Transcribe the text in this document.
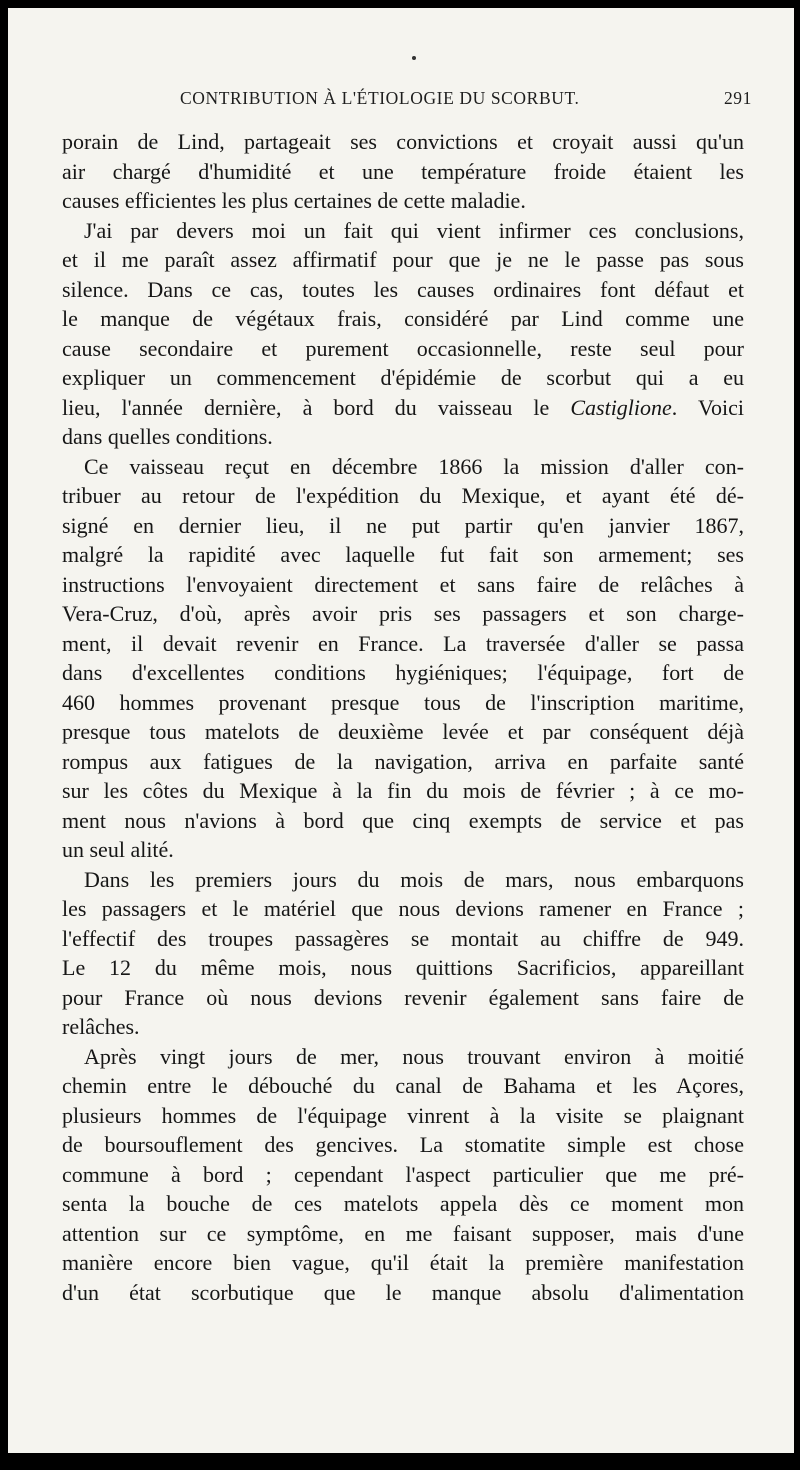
CONTRIBUTION À L'ÉTIOLOGIE DU SCORBUT.	291
porain de Lind, partageait ses convictions et croyait aussi qu'un
air chargé d'humidité et une température froide étaient les
causes efficientes les plus certaines de cette maladie.
J'ai par devers moi un fait qui vient infirmer ces conclusions,
et il me paraît assez affirmatif pour que je ne le passe pas sous
silence. Dans ce cas, toutes les causes ordinaires font défaut et
le manque de végétaux frais, considéré par Lind comme une
cause secondaire et purement occasionnelle, reste seul pour
expliquer un commencement d'épidémie de scorbut qui a eu
lieu, l'année dernière, à bord du vaisseau le Castiglione. Voici
dans quelles conditions.
Ce vaisseau reçut en décembre 1866 la mission d'aller con-
tribuer au retour de l'expédition du Mexique, et ayant été dé-
signé en dernier lieu, il ne put partir qu'en janvier 1867,
malgré la rapidité avec laquelle fut fait son armement; ses
instructions l'envoyaient directement et sans faire de relâches à
Vera-Cruz, d'où, après avoir pris ses passagers et son charge-
ment, il devait revenir en France. La traversée d'aller se passa
dans d'excellentes conditions hygiéniques; l'équipage, fort de
460 hommes provenant presque tous de l'inscription maritime,
presque tous matelots de deuxième levée et par conséquent déjà
rompus aux fatigues de la navigation, arriva en parfaite santé
sur les côtes du Mexique à la fin du mois de février ; à ce mo-
ment nous n'avions à bord que cinq exempts de service et pas
un seul alité.
Dans les premiers jours du mois de mars, nous embarquons
les passagers et le matériel que nous devions ramener en France ;
l'effectif des troupes passagères se montait au chiffre de 949.
Le 12 du même mois, nous quittions Sacrificios, appareillant
pour France où nous devions revenir également sans faire de
relâches.
Après vingt jours de mer, nous trouvant environ à moitié
chemin entre le débouché du canal de Bahama et les Açores,
plusieurs hommes de l'équipage vinrent à la visite se plaignant
de boursouflement des gencives. La stomatite simple est chose
commune à bord ; cependant l'aspect particulier que me pré-
senta la bouche de ces matelots appela dès ce moment mon
attention sur ce symptôme, en me faisant supposer, mais d'une
manière encore bien vague, qu'il était la première manifestation
d'un état scorbutique que le manque absolu d'alimentation
